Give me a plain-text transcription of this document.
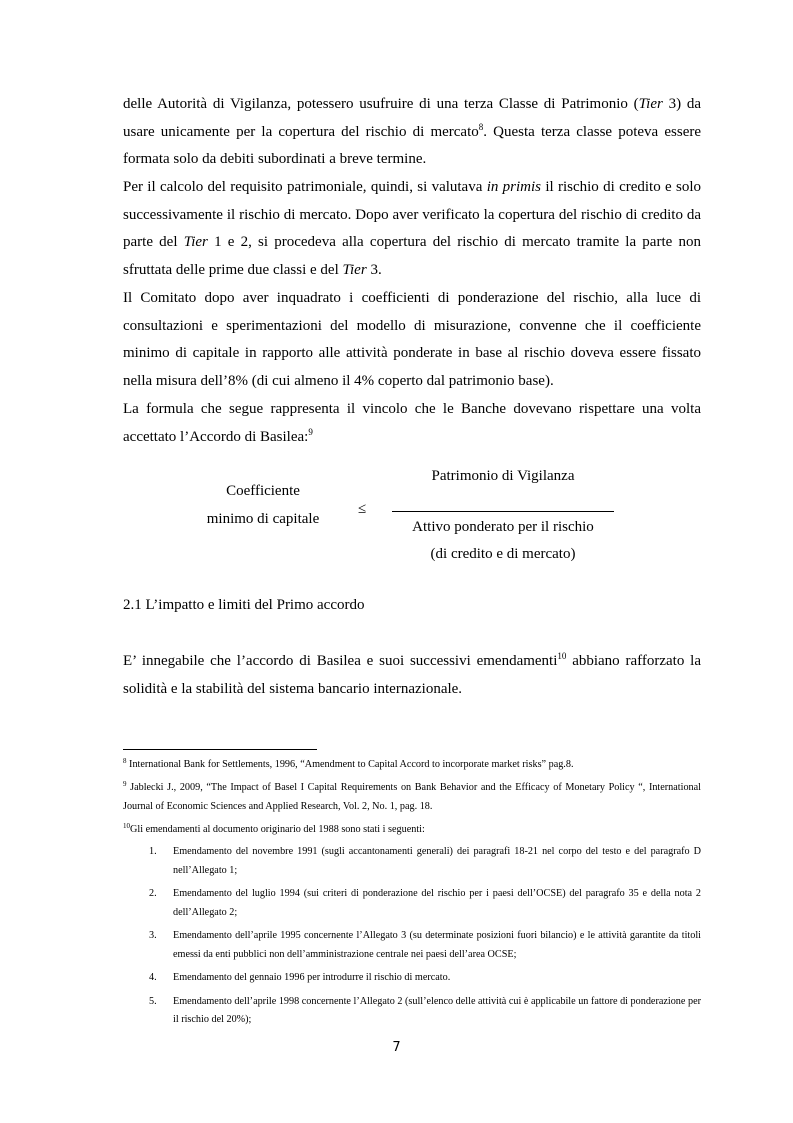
delle Autorità di Vigilanza, potessero usufruire di una terza Classe di Patrimonio (Tier 3) da usare unicamente per la copertura del rischio di mercato$^8$. Questa terza classe poteva essere formata solo da debiti subordinati a breve termine.

Per il calcolo del requisito patrimoniale, quindi, si valutava in primis il rischio di credito e solo successivamente il rischio di mercato. Dopo aver verificato la copertura del rischio di credito da parte del Tier 1 e 2, si procedeva alla copertura del rischio di mercato tramite la parte non sfruttata delle prime due classi e del Tier 3.

Il Comitato dopo aver inquadrato i coefficienti di ponderazione del rischio, alla luce di consultazioni e sperimentazioni del modello di misurazione, convenne che il coefficiente minimo di capitale in rapporto alle attività ponderate in base al rischio doveva essere fissato nella misura dell’8% (di cui almeno il 4% coperto dal patrimonio base).

La formula che segue rappresenta il vincolo che le Banche dovevano rispettare una volta accettato l’Accordo di Basilea:$^9$

Coefficiente
minimo di capitale
≤
Patrimonio di Vigilanza
Attivo ponderato per il rischio
(di credito e di mercato)
2.1 L’impatto e limiti del Primo accordo

E’ innegabile che l’accordo di Basilea e suoi successivi emendamenti$^{10}$ abbiano rafforzato la solidità e la stabilità del sistema bancario internazionale.

$^8$ International Bank for Settlements, 1996, “Amendment to Capital Accord to incorporate market risks” pag.8.

$^9$ Jablecki J., 2009, “The Impact of Basel I Capital Requirements on Bank Behavior and the Efficacy of Monetary Policy “, International Journal of Economic Sciences and Applied Research, Vol. 2, No. 1, pag. 18.

$^{10}$Gli emendamenti al documento originario del 1988 sono stati i seguenti:

1. Emendamento del novembre 1991 (sugli accantonamenti generali) dei paragrafi 18-21 nel corpo del testo e del paragrafo D nell’Allegato 1;
2. Emendamento del luglio 1994 (sui criteri di ponderazione del rischio per i paesi dell’OCSE) del paragrafo 35 e della nota 2 dell’Allegato 2;
3. Emendamento dell’aprile 1995 concernente l’Allegato 3 (su determinate posizioni fuori bilancio) e le attività garantite da titoli emessi da enti pubblici non dell’amministrazione centrale nei paesi dell’area OCSE;
4. Emendamento del gennaio 1996 per introdurre il rischio di mercato.
5. Emendamento dell’aprile 1998 concernente l’Allegato 2 (sull’elenco delle attività cui è applicabile un fattore di ponderazione per il rischio del 20%);
7
